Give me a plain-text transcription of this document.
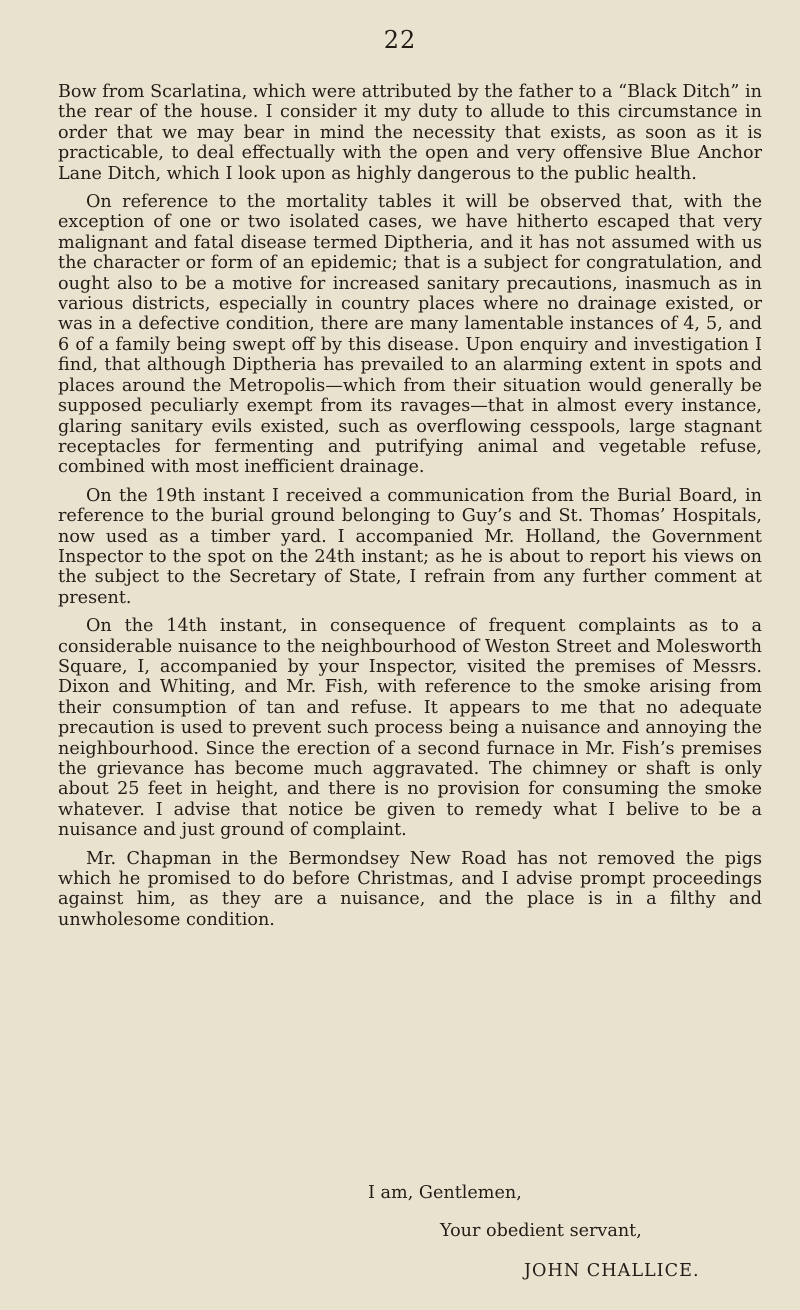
22

Bow from Scarlatina, which were attributed by the father to a “Black Ditch” in the rear of the house. I consider it my duty to allude to this circumstance in order that we may bear in mind the necessity that exists, as soon as it is practicable, to deal effectually with the open and very offensive Blue Anchor Lane Ditch, which I look upon as highly dangerous to the public health.

On reference to the mortality tables it will be observed that, with the exception of one or two isolated cases, we have hitherto escaped that very malignant and fatal disease termed Diptheria, and it has not assumed with us the character or form of an epidemic; that is a subject for congratulation, and ought also to be a motive for increased sanitary precautions, inasmuch as in various districts, especially in country places where no drainage existed, or was in a defective condition, there are many lamentable instances of 4, 5, and 6 of a family being swept off by this disease. Upon enquiry and investigation I find, that although Diptheria has prevailed to an alarming extent in spots and places around the Metropolis—which from their situation would generally be supposed peculiarly exempt from its ravages—that in almost every instance, glaring sanitary evils existed, such as overflowing cesspools, large stagnant receptacles for fermenting and putrifying animal and vegetable refuse, combined with most inefficient drainage.

On the 19th instant I received a communication from the Burial Board, in reference to the burial ground belonging to Guy’s and St. Thomas’ Hospitals, now used as a timber yard. I accompanied Mr. Holland, the Government Inspector to the spot on the 24th instant; as he is about to report his views on the subject to the Secretary of State, I refrain from any further comment at present.

On the 14th instant, in consequence of frequent complaints as to a considerable nuisance to the neighbourhood of Weston Street and Molesworth Square, I, accompanied by your Inspector, visited the premises of Messrs. Dixon and Whiting, and Mr. Fish, with reference to the smoke arising from their consumption of tan and refuse. It appears to me that no adequate precaution is used to prevent such process being a nuisance and annoying the neighbourhood. Since the erection of a second furnace in Mr. Fish’s premises the grievance has become much aggravated. The chimney or shaft is only about 25 feet in height, and there is no provision for consuming the smoke whatever. I advise that notice be given to remedy what I belive to be a nuisance and just ground of complaint.

Mr. Chapman in the Bermondsey New Road has not removed the pigs which he promised to do before Christmas, and I advise prompt proceedings against him, as they are a nuisance, and the place is in a filthy and unwholesome condition.

I am, Gentlemen,
Your obedient servant,
JOHN CHALLICE.
